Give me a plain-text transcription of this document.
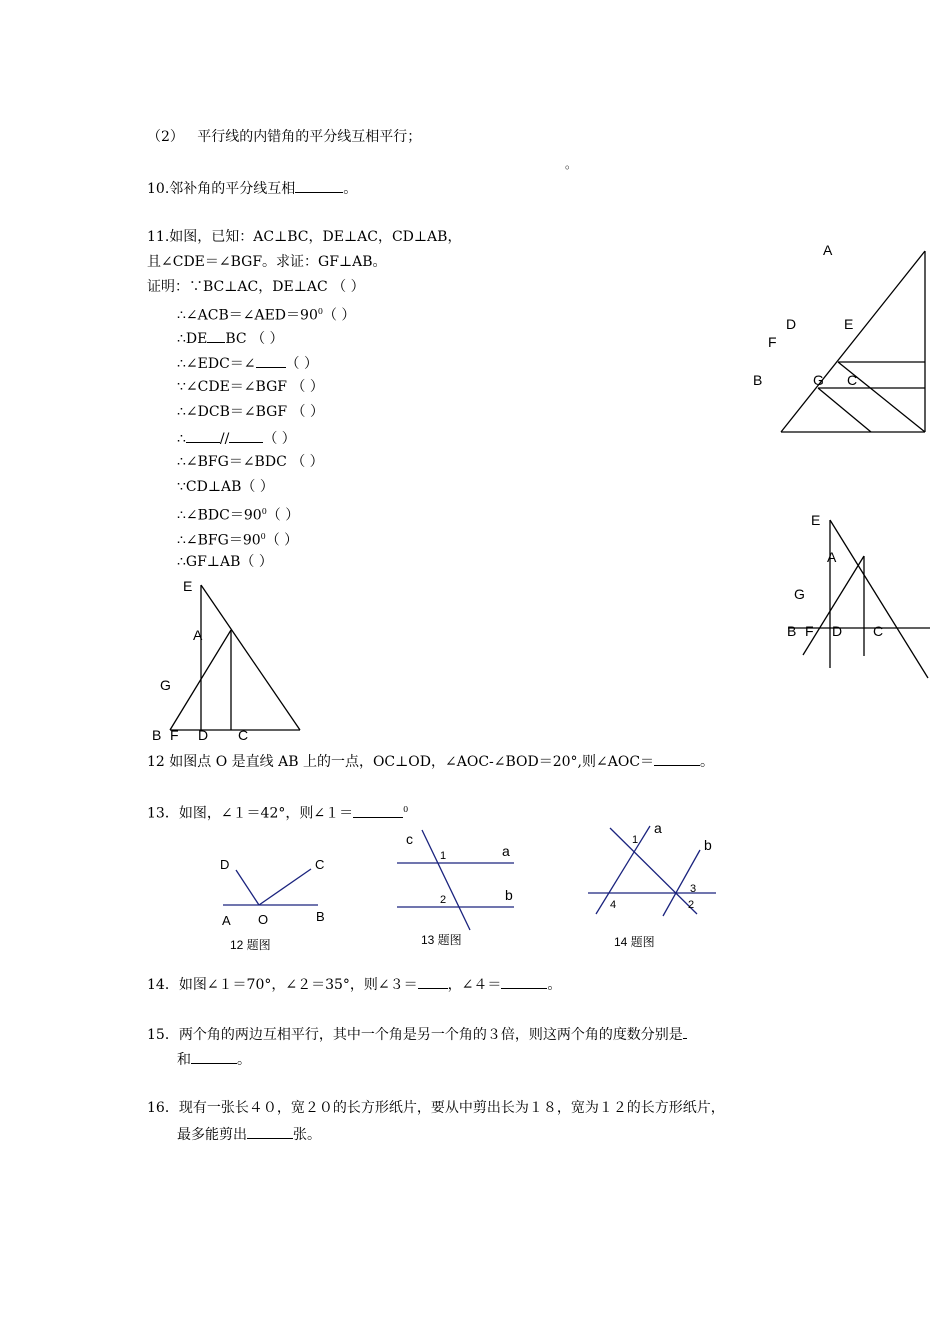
（2） 平行线的内错角的平分线互相平行；
。
10.邻补角的平分线互相	。
11.如图，已知：AC⊥BC，DE⊥AC，CD⊥AB，
且∠CDE＝∠BGF。求证：GF⊥AB。
证明：∵BC⊥AC，DE⊥AC （ ）
$\therefore\angle ACB=\angle AED=90^0$（ ）
∴DE BC （ ）
∴∠EDC＝∠ （ ）
∵∠CDE＝∠BGF （ ）
∴∠DCB＝∠BGF （ ）
∴ // （ ）
∴∠BFG＝∠BDC （ ）
∵CD⊥AB（ ）
$\therefore\angle BDC=90^0$（ ）
$\therefore\angle BFG=90^0$（ ）
∴GF⊥AB（ ）
A
D	E
F
B	G C
E
A
G
B F D C
E
A
G
B F D C
12 如图点 O 是直线 AB 上的一点，OC⊥OD，∠AOC-∠BOD＝20°,则∠AOC＝	。
13．如图，∠１＝42°，则∠１＝	$^0$
D	C
A O	B
12 题图
c
1	a
2	b
13 题图
1
a
b
3
4	2
14 题图
14．如图∠１＝70°，∠２＝35°，则∠３＝ ，∠４＝	。
15．两个角的两边互相平行，其中一个角是另一个角的３倍，则这两个角的度数分别是
和	。
16．现有一张长４０，宽２０的长方形纸片，要从中剪出长为１８，宽为１２的长方形纸片，
最多能剪出	张。
